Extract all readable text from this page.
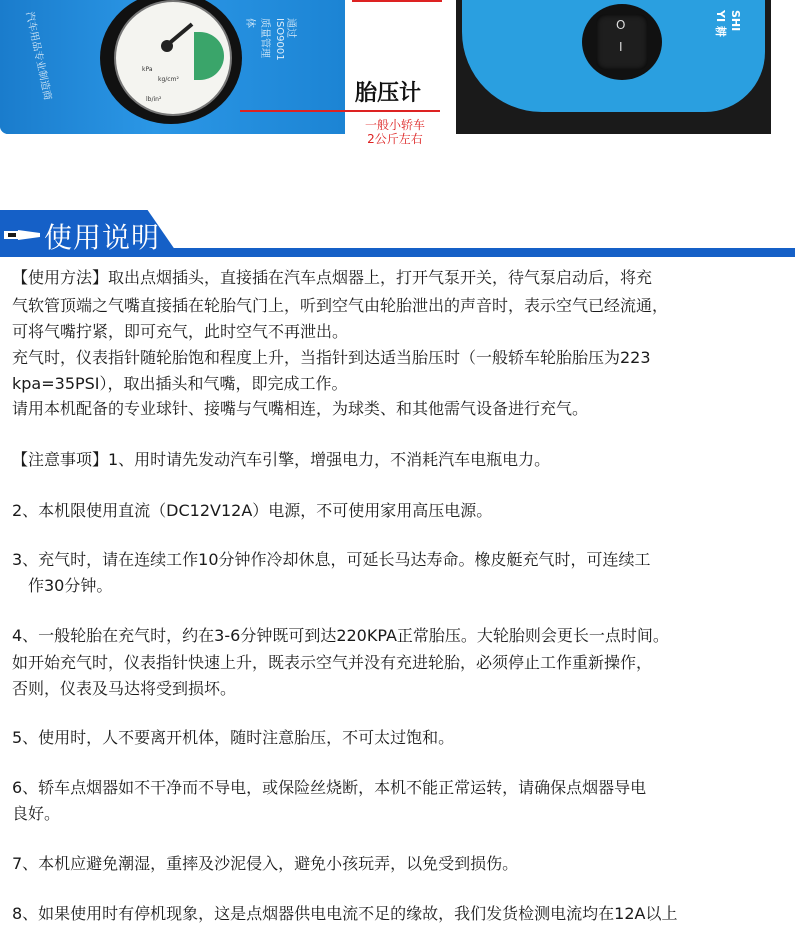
汽车用品专业制造商	通过ISO9001质量管理体
kPa
kg/cm²
lb/in²	胎压计
一般小轿车
2公斤左右
O
I
SHI YI 耕
使用说明
【使用方法】取出点烟插头，直接插在汽车点烟器上，打开气泵开关，待气泵启动后，将充
气软管顶端之气嘴直接插在轮胎气门上，听到空气由轮胎泄出的声音时，表示空气已经流通，
可将气嘴拧紧，即可充气，此时空气不再泄出。
充气时，仪表指针随轮胎饱和程度上升，当指针到达适当胎压时（一般轿车轮胎胎压为223
kpa=35PSI），取出插头和气嘴，即完成工作。
请用本机配备的专业球针、接嘴与气嘴相连，为球类、和其他需气设备进行充气。
【注意事项】1、用时请先发动汽车引擎，增强电力，不消耗汽车电瓶电力。
2、本机限使用直流（DC12V12A）电源，不可使用家用高压电源。
3、充气时，请在连续工作10分钟作冷却休息，可延长马达寿命。橡皮艇充气时，可连续工
　作30分钟。
4、一般轮胎在充气时，约在3-6分钟既可到达220KPA正常胎压。大轮胎则会更长一点时间。
如开始充气时，仪表指针快速上升，既表示空气并没有充进轮胎，必须停止工作重新操作，
否则，仪表及马达将受到损坏。
5、使用时，人不要离开机体，随时注意胎压，不可太过饱和。
6、轿车点烟器如不干净而不导电，或保险丝烧断，本机不能正常运转，请确保点烟器导电
良好。
7、本机应避免潮湿，重摔及沙泥侵入，避免小孩玩弄，以免受到损伤。
8、如果使用时有停机现象，这是点烟器供电电流不足的缘故，我们发货检测电流均在12A以上
